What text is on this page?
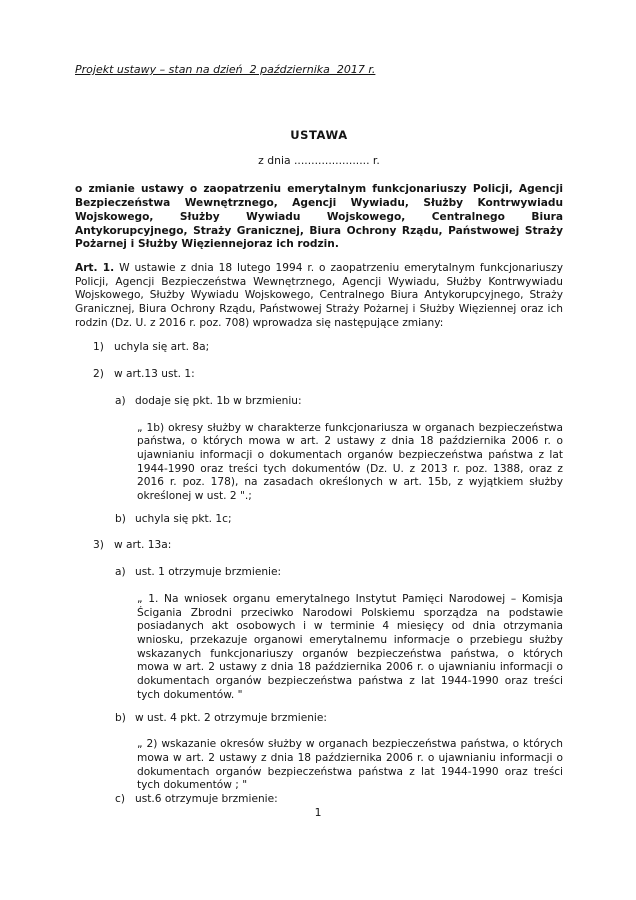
Projekt ustawy – stan na dzień  2 października  2017 r.
USTAWA
z dnia ...................... r.
o zmianie ustawy o zaopatrzeniu emerytalnym funkcjonariuszy Policji, Agencji Bezpieczeństwa Wewnętrznego, Agencji Wywiadu, Służby Kontrwywiadu Wojskowego, Służby Wywiadu Wojskowego, Centralnego Biura Antykorupcyjnego, Straży Granicznej, Biura Ochrony Rządu, Państwowej Straży Pożarnej i Służby Więziennejoraz ich rodzin.
Art. 1. W ustawie z dnia 18 lutego 1994 r. o zaopatrzeniu emerytalnym funkcjonariuszy Policji, Agencji Bezpieczeństwa Wewnętrznego, Agencji Wywiadu, Służby Kontrwywiadu Wojskowego, Służby Wywiadu Wojskowego, Centralnego Biura Antykorupcyjnego, Straży Granicznej, Biura Ochrony Rządu, Państwowej Straży Pożarnej i Służby Więziennej oraz ich rodzin (Dz. U. z 2016 r. poz. 708) wprowadza się następujące zmiany:
1) uchyla się art. 8a;
2) w art.13 ust. 1:
a) dodaje się pkt. 1b w brzmieniu:
„ 1b) okresy służby w charakterze funkcjonariusza w organach bezpieczeństwa państwa, o których mowa w art. 2 ustawy z dnia 18 października 2006 r. o ujawnianiu informacji o dokumentach organów bezpieczeństwa państwa z lat 1944-1990 oraz treści tych dokumentów (Dz. U. z 2013 r. poz. 1388, oraz z 2016 r. poz. 178), na zasadach określonych w art. 15b, z wyjątkiem służby określonej w ust. 2 ".;
b) uchyla się pkt. 1c;
3) w art. 13a:
a) ust. 1 otrzymuje brzmienie:
„ 1. Na wniosek organu emerytalnego Instytut Pamięci Narodowej – Komisja Ścigania Zbrodni przeciwko Narodowi Polskiemu sporządza na podstawie posiadanych akt osobowych i w terminie 4 miesięcy od dnia otrzymania wniosku, przekazuje organowi emerytalnemu informacje o przebiegu służby wskazanych funkcjonariuszy organów bezpieczeństwa państwa, o których mowa w art. 2 ustawy z dnia 18 października 2006 r. o ujawnianiu informacji o dokumentach organów bezpieczeństwa państwa z lat 1944-1990 oraz treści tych dokumentów. "
b) w ust. 4 pkt. 2 otrzymuje brzmienie:
„ 2) wskazanie okresów służby w organach bezpieczeństwa państwa, o których mowa w art. 2 ustawy z dnia 18 października 2006 r. o ujawnianiu informacji o dokumentach organów bezpieczeństwa państwa z lat 1944-1990 oraz treści tych dokumentów ; "
c) ust.6 otrzymuje brzmienie:
1
